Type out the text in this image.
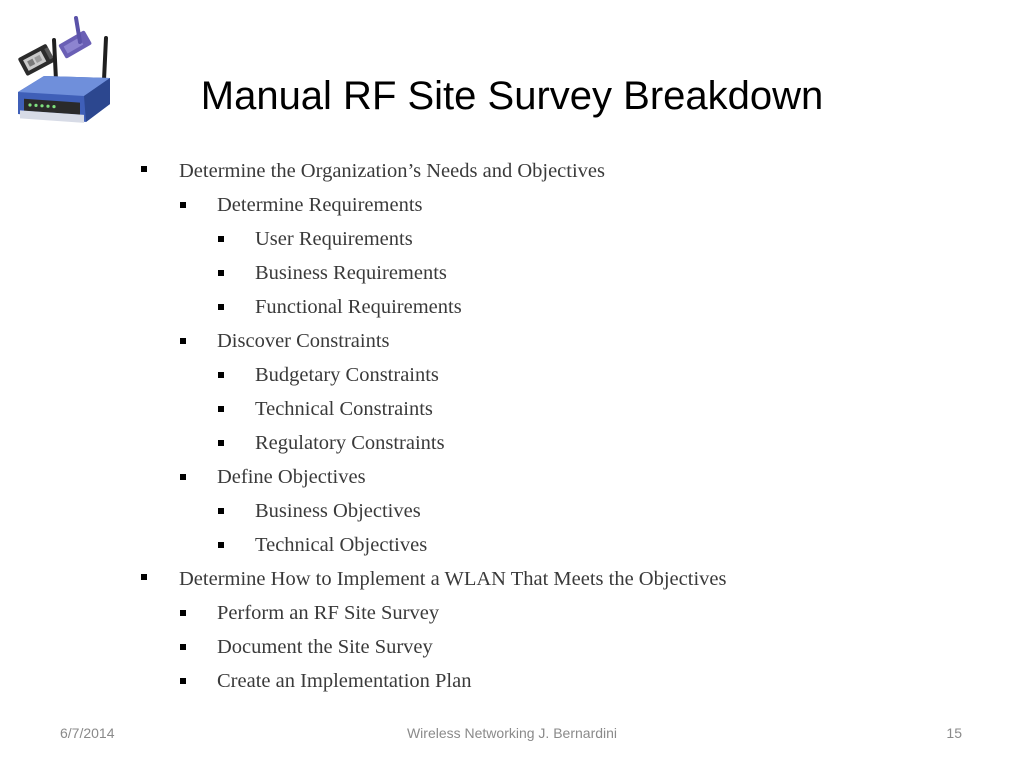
Manual RF Site Survey Breakdown
Determine the Organization’s Needs and Objectives
Determine Requirements
User Requirements
Business Requirements
Functional Requirements
Discover Constraints
Budgetary Constraints
Technical Constraints
Regulatory Constraints
Define Objectives
Business Objectives
Technical Objectives
Determine How to Implement a WLAN That Meets the Objectives
Perform an RF Site Survey
Document the Site Survey
Create an Implementation Plan
6/7/2014	Wireless Networking J. Bernardini	15
